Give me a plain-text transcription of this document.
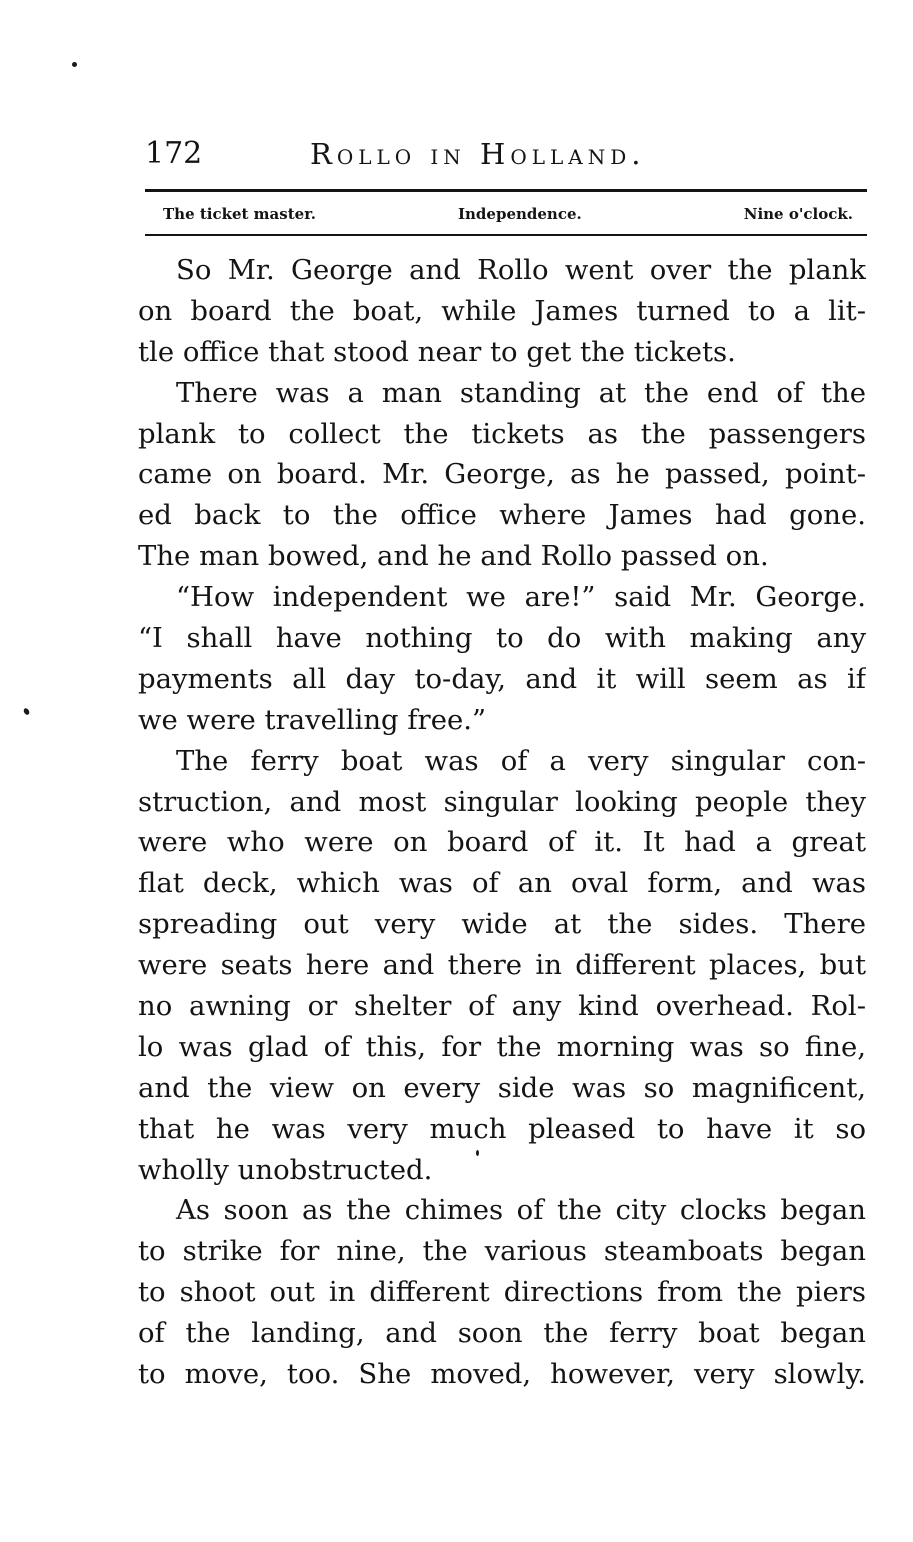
172	Rollo in Holland.
The ticket master.	Independence.	Nine o'clock.

So Mr. George and Rollo went over the plank
on board the boat, while James turned to a lit-
tle office that stood near to get the tickets.

There was a man standing at the end of the
plank to collect the tickets as the passengers
came on board. Mr. George, as he passed, point-
ed back to the office where James had gone.
The man bowed, and he and Rollo passed on.

“How independent we are!” said Mr. George.
“I shall have nothing to do with making any
payments all day to-day, and it will seem as if
we were travelling free.”

The ferry boat was of a very singular con-
struction, and most singular looking people they
were who were on board of it. It had a great
flat deck, which was of an oval form, and was
spreading out very wide at the sides. There
were seats here and there in different places, but
no awning or shelter of any kind overhead. Rol-
lo was glad of this, for the morning was so fine,
and the view on every side was so magnificent,
that he was very much pleased to have it so
wholly unobstructed.

As soon as the chimes of the city clocks began
to strike for nine, the various steamboats began
to shoot out in different directions from the piers
of the landing, and soon the ferry boat began
to move, too. She moved, however, very slowly.
